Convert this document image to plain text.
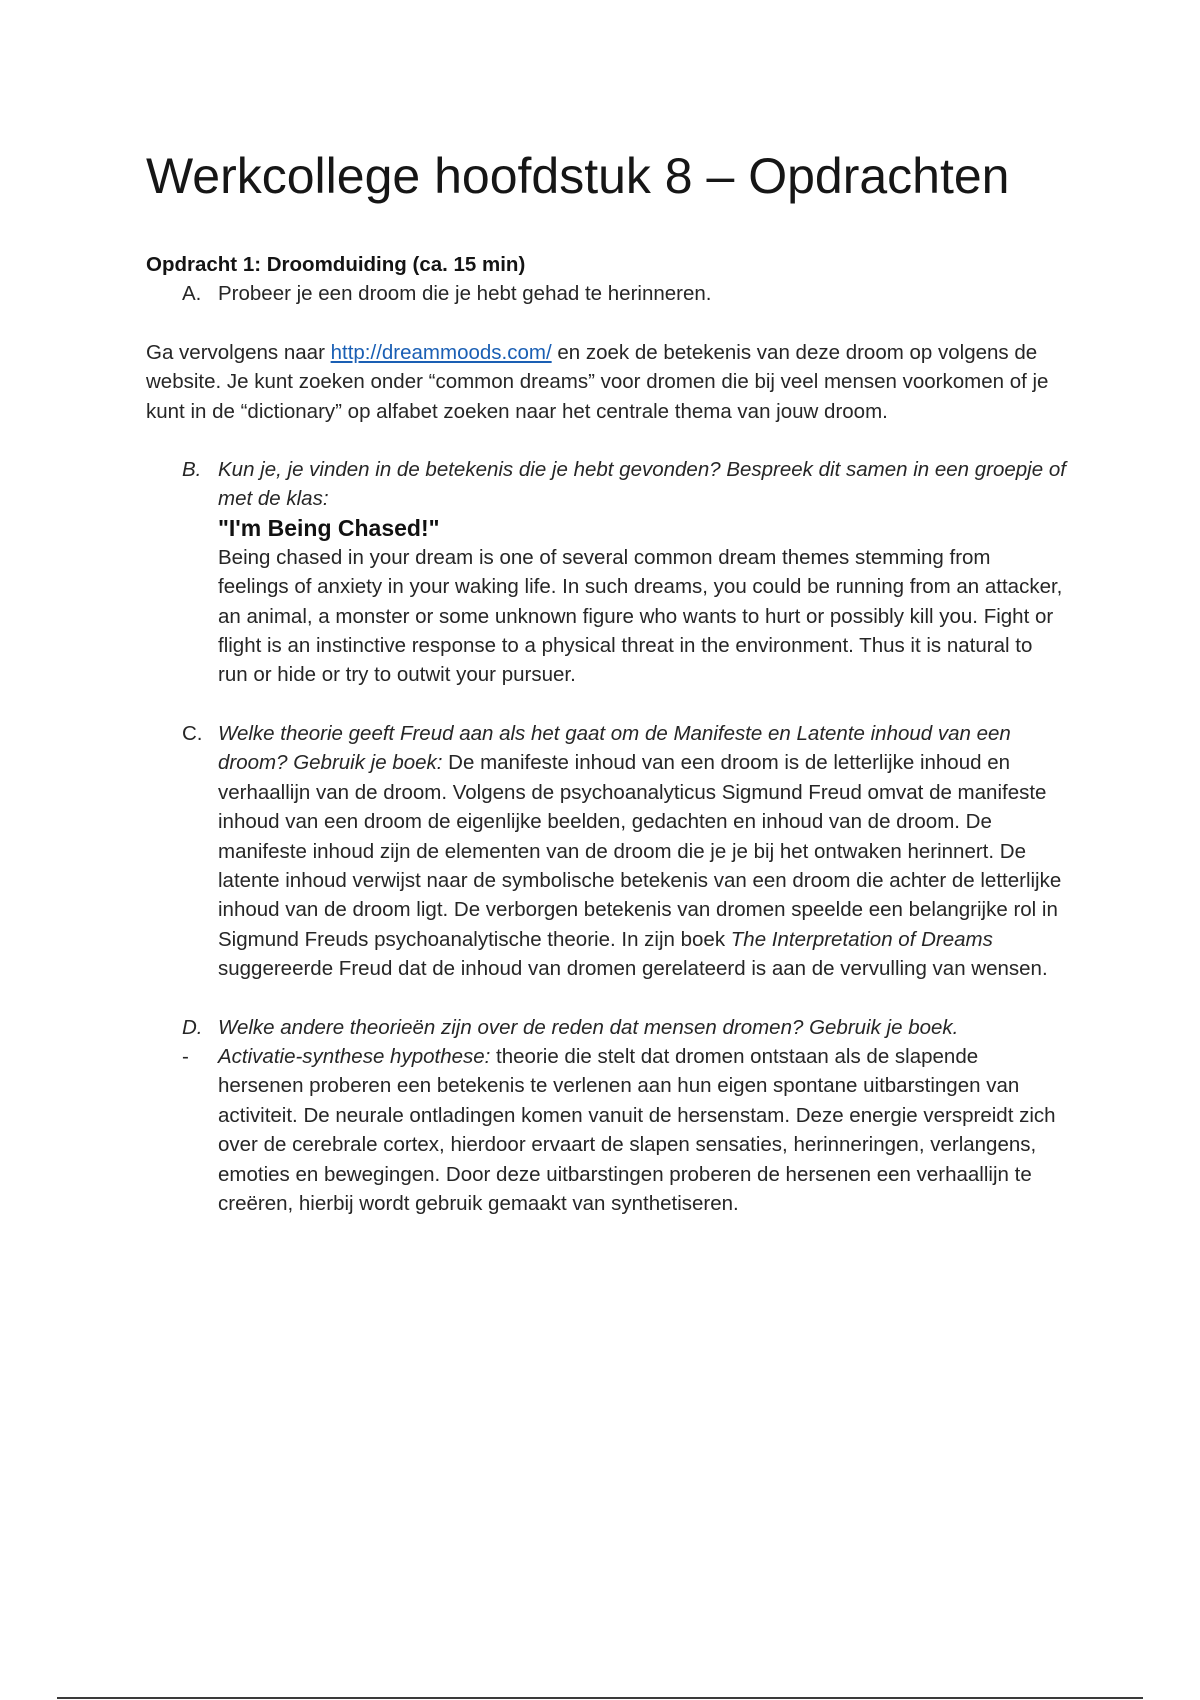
Werkcollege hoofdstuk 8 – Opdrachten

Opdracht 1: Droomduiding (ca. 15 min)

A. Probeer je een droom die je hebt gehad te herinneren.

Ga vervolgens naar http://dreammoods.com/ en zoek de betekenis van deze droom op volgens de website. Je kunt zoeken onder “common dreams” voor dromen die bij veel mensen voorkomen of je kunt in de “dictionary” op alfabet zoeken naar het centrale thema van jouw droom.

B. Kun je, je vinden in de betekenis die je hebt gevonden? Bespreek dit samen in een groepje of met de klas:

"I'm Being Chased!"

Being chased in your dream is one of several common dream themes stemming from feelings of anxiety in your waking life. In such dreams, you could be running from an attacker, an animal, a monster or some unknown figure who wants to hurt or possibly kill you. Fight or flight is an instinctive response to a physical threat in the environment. Thus it is natural to run or hide or try to outwit your pursuer.

C. Welke theorie geeft Freud aan als het gaat om de Manifeste en Latente inhoud van een droom? Gebruik je boek: De manifeste inhoud van een droom is de letterlijke inhoud en verhaallijn van de droom. Volgens de psychoanalyticus Sigmund Freud omvat de manifeste inhoud van een droom de eigenlijke beelden, gedachten en inhoud van de droom. De manifeste inhoud zijn de elementen van de droom die je je bij het ontwaken herinnert. De latente inhoud verwijst naar de symbolische betekenis van een droom die achter de letterlijke inhoud van de droom ligt. De verborgen betekenis van dromen speelde een belangrijke rol in Sigmund Freuds psychoanalytische theorie. In zijn boek The Interpretation of Dreams suggereerde Freud dat de inhoud van dromen gerelateerd is aan de vervulling van wensen.

D. Welke andere theorieën zijn over de reden dat mensen dromen? Gebruik je boek.

-	Activatie-synthese hypothese: theorie die stelt dat dromen ontstaan als de slapende hersenen proberen een betekenis te verlenen aan hun eigen spontane uitbarstingen van activiteit. De neurale ontladingen komen vanuit de hersenstam. Deze energie verspreidt zich over de cerebrale cortex, hierdoor ervaart de slapen sensaties, herinneringen, verlangens, emoties en bewegingen. Door deze uitbarstingen proberen de hersenen een verhaallijn te creëren, hierbij wordt gebruik gemaakt van synthetiseren.
